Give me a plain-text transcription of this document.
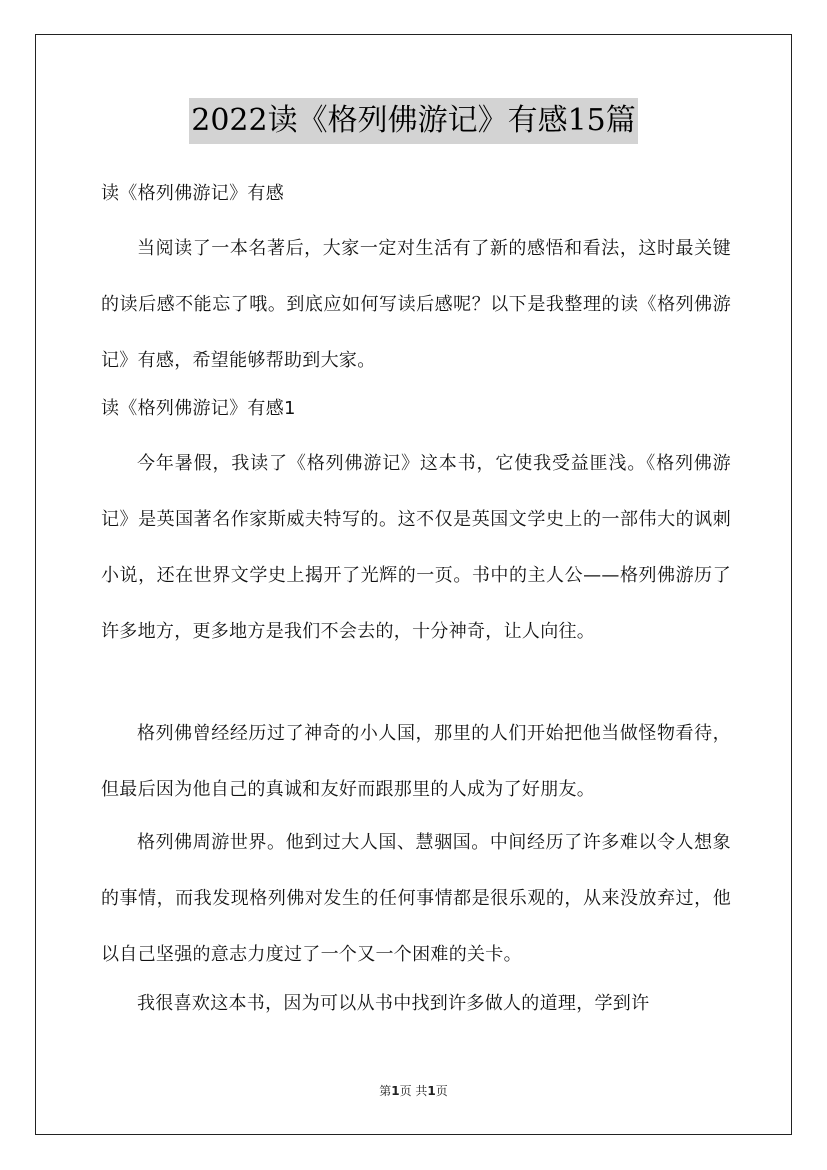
2022读《格列佛游记》有感15篇

读《格列佛游记》有感

当阅读了一本名著后，大家一定对生活有了新的感悟和看法，这时最关键的读后感不能忘了哦。到底应如何写读后感呢？以下是我整理的读《格列佛游记》有感，希望能够帮助到大家。

读《格列佛游记》有感1

今年暑假，我读了《格列佛游记》这本书，它使我受益匪浅。《格列佛游记》是英国著名作家斯威夫特写的。这不仅是英国文学史上的一部伟大的讽刺小说，还在世界文学史上揭开了光辉的一页。书中的主人公——格列佛游历了许多地方，更多地方是我们不会去的，十分神奇，让人向往。

格列佛曾经经历过了神奇的小人国，那里的人们开始把他当做怪物看待，但最后因为他自己的真诚和友好而跟那里的人成为了好朋友。

格列佛周游世界。他到过大人国、慧骃国。中间经历了许多难以令人想象的事情，而我发现格列佛对发生的任何事情都是很乐观的，从来没放弃过，他以自己坚强的意志力度过了一个又一个困难的关卡。

我很喜欢这本书，因为可以从书中找到许多做人的道理，学到许

第1页 共1页
